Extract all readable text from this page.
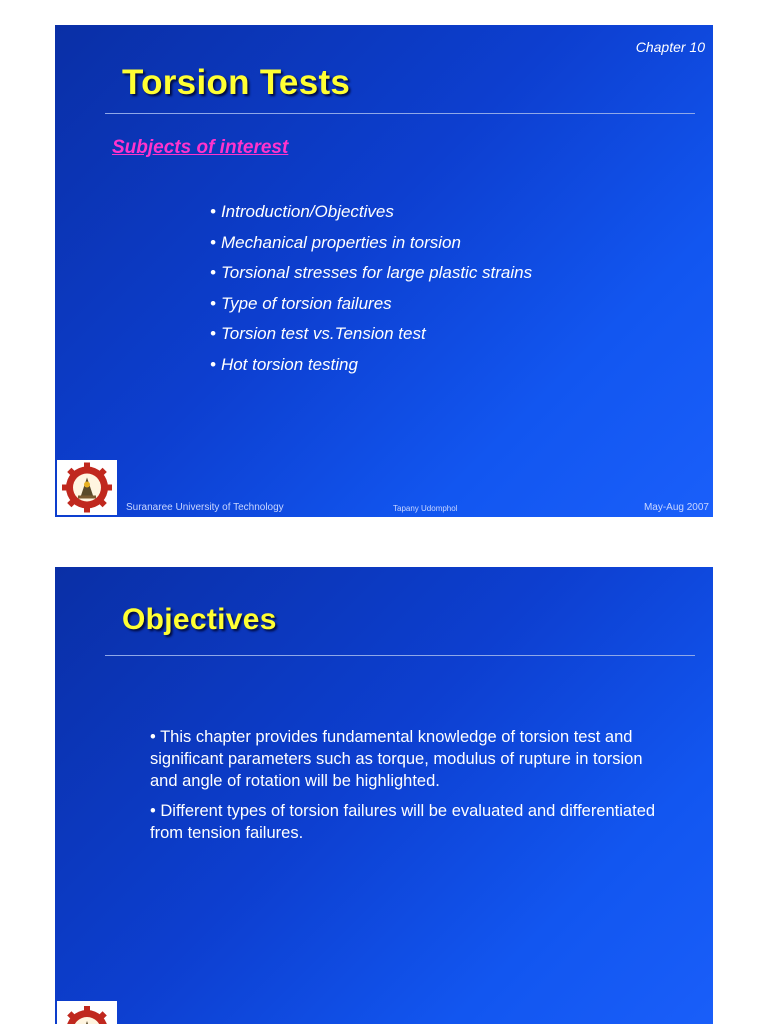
Chapter 10
Torsion Tests
Subjects of interest
• Introduction/Objectives
• Mechanical properties in torsion
• Torsional stresses for large plastic strains
• Type of torsion failures
• Torsion test vs.Tension test
• Hot torsion testing
Suranaree University of Technology	Tapany Udomphol	May-Aug 2007
Objectives

• This chapter provides fundamental knowledge of torsion test and significant parameters such as torque, modulus of rupture in torsion and angle of rotation will be highlighted.

• Different types of torsion failures will be evaluated and differentiated from tension failures.
